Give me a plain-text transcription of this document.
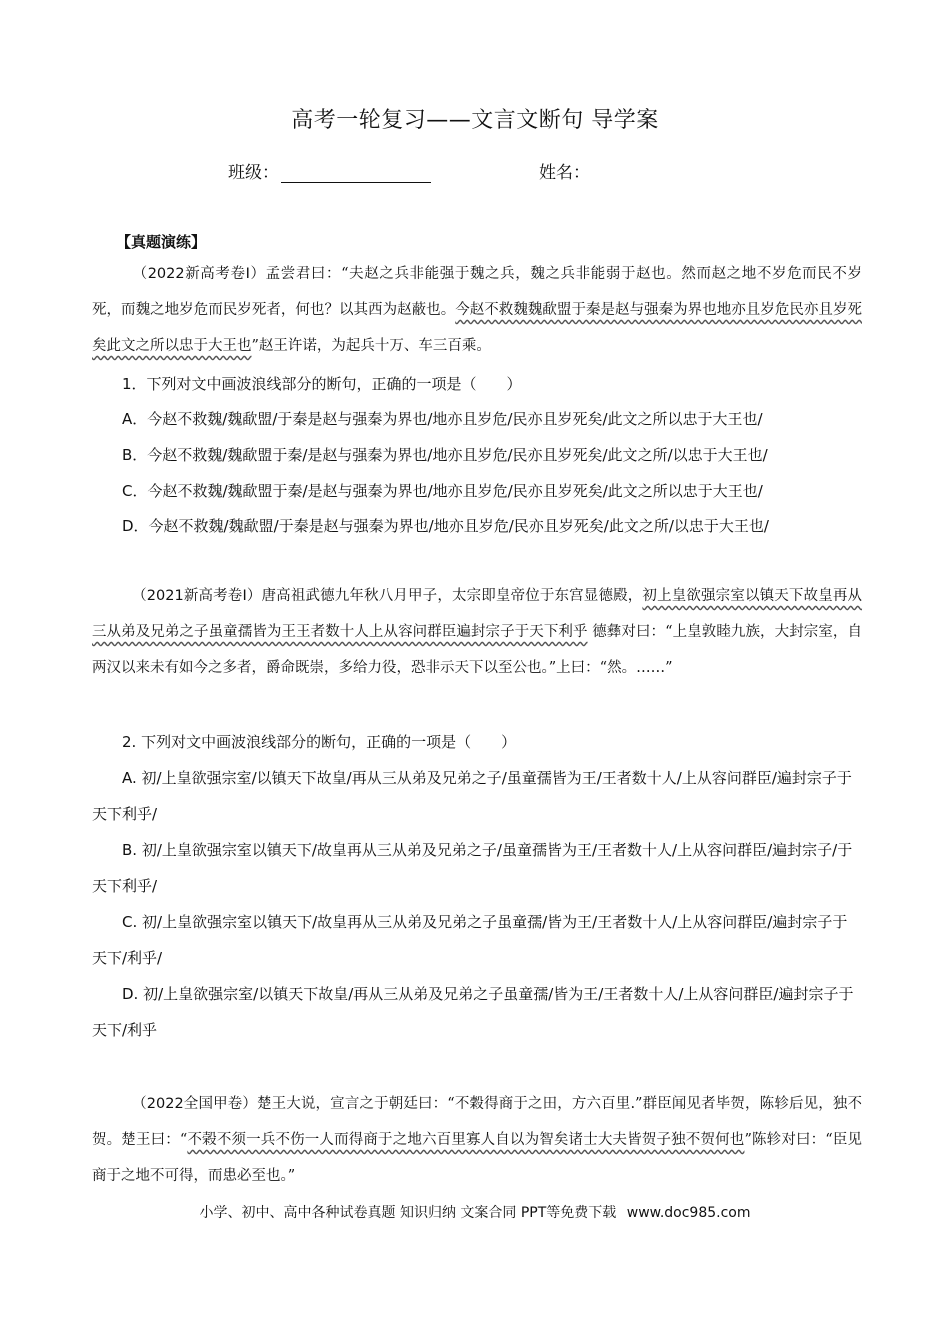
高考一轮复习——文言文断句 导学案
班级：	姓名：
【真题演练】
（2022新高考卷Ⅰ）孟尝君曰：“夫赵之兵非能强于魏之兵，魏之兵非能弱于赵也。然而赵之地不岁危而民不岁死，而魏之地岁危而民岁死者，何也？以其西为赵蔽也。今赵不救魏魏歃盟于秦是赵与强秦为界也地亦且岁危民亦且岁死矣此文之所以忠于大王也”赵王许诺，为起兵十万、车三百乘。
1．下列对文中画波浪线部分的断句，正确的一项是（　　）
A．今赵不救魏/魏歃盟/于秦是赵与强秦为界也/地亦且岁危/民亦且岁死矣/此文之所以忠于大王也/
B．今赵不救魏/魏歃盟于秦/是赵与强秦为界也/地亦且岁危/民亦且岁死矣/此文之所/以忠于大王也/
C．今赵不救魏/魏歃盟于秦/是赵与强秦为界也/地亦且岁危/民亦且岁死矣/此文之所以忠于大王也/
D．今赵不救魏/魏歃盟/于秦是赵与强秦为界也/地亦且岁危/民亦且岁死矣/此文之所/以忠于大王也/
（2021新高考卷Ⅰ）唐高祖武德九年秋八月甲子，太宗即皇帝位于东宫显德殿，初上皇欲强宗室以镇天下故皇再从三从弟及兄弟之子虽童孺皆为王王者数十人上从容问群臣遍封宗子于天下利乎 德彝对曰：“上皇敦睦九族，大封宗室，自两汉以来未有如今之多者，爵命既崇，多给力役，恐非示天下以至公也。”上曰：“然。……”
2. 下列对文中画波浪线部分的断句，正确的一项是（　　）
A. 初/上皇欲强宗室/以镇天下故皇/再从三从弟及兄弟之子/虽童孺皆为王/王者数十人/上从容问群臣/遍封宗子于天下利乎/
B. 初/上皇欲强宗室以镇天下/故皇再从三从弟及兄弟之子/虽童孺皆为王/王者数十人/上从容问群臣/遍封宗子/于天下利乎/
C. 初/上皇欲强宗室以镇天下/故皇再从三从弟及兄弟之子虽童孺/皆为王/王者数十人/上从容问群臣/遍封宗子于天下/利乎/
D. 初/上皇欲强宗室/以镇天下故皇/再从三从弟及兄弟之子虽童孺/皆为王/王者数十人/上从容问群臣/遍封宗子于天下/利乎
（2022全国甲卷）楚王大说，宣言之于朝廷曰：“不穀得商于之田，方六百里.”群臣闻见者毕贺，陈轸后见，独不贺。楚王曰：“不榖不须一兵不伤一人而得商于之地六百里寡人自以为智矣诸士大夫皆贺子独不贺何也”陈轸对曰：“臣见商于之地不可得，而患必至也。”
小学、初中、高中各种试卷真题 知识归纳 文案合同 PPT等免费下载 www.doc985.com
